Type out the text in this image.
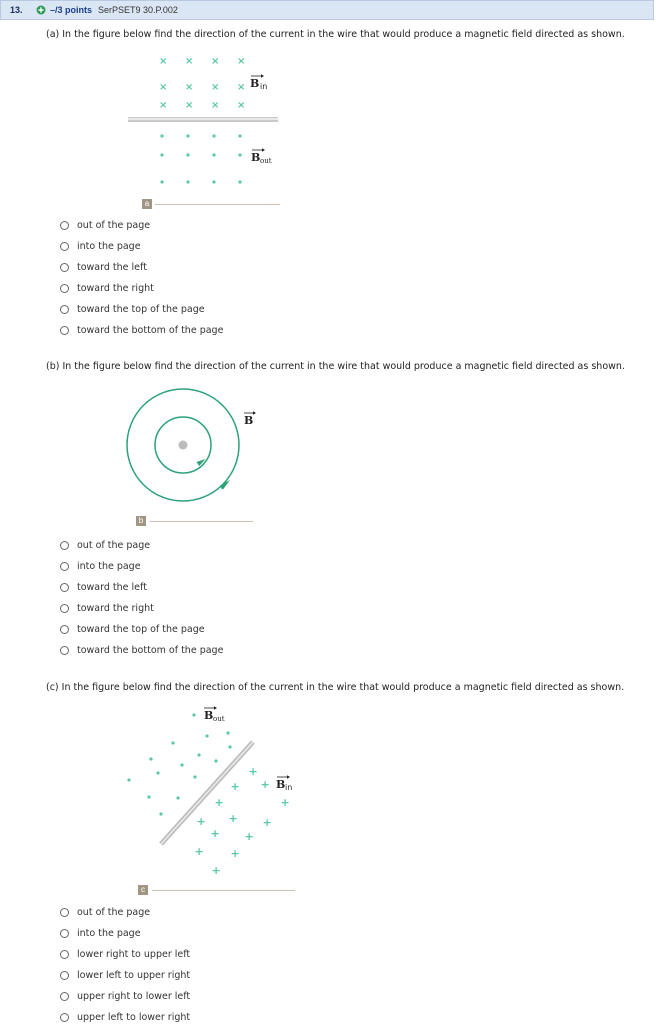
13.	–/3 points SerPSET9 30.P.002
(a) In the figure below find the direction of the current in the wire that would produce a magnetic field directed as shown.
× × × ×
× × × ×
× × × ×
B in
B out
a
out of the page
into the page
toward the left
toward the right
toward the top of the page
toward the bottom of the page
(b) In the figure below find the direction of the current in the wire that would produce a magnetic field directed as shown.
B
b
out of the page
into the page
toward the left
toward the right
toward the top of the page
toward the bottom of the page
(c) In the figure below find the direction of the current in the wire that would produce a magnetic field directed as shown.
+
+ +
+	+
+ + +
+ +
+ +
+
B out
B in
c
out of the page
into the page
lower right to upper left
lower left to upper right
upper right to lower left
upper left to lower right
